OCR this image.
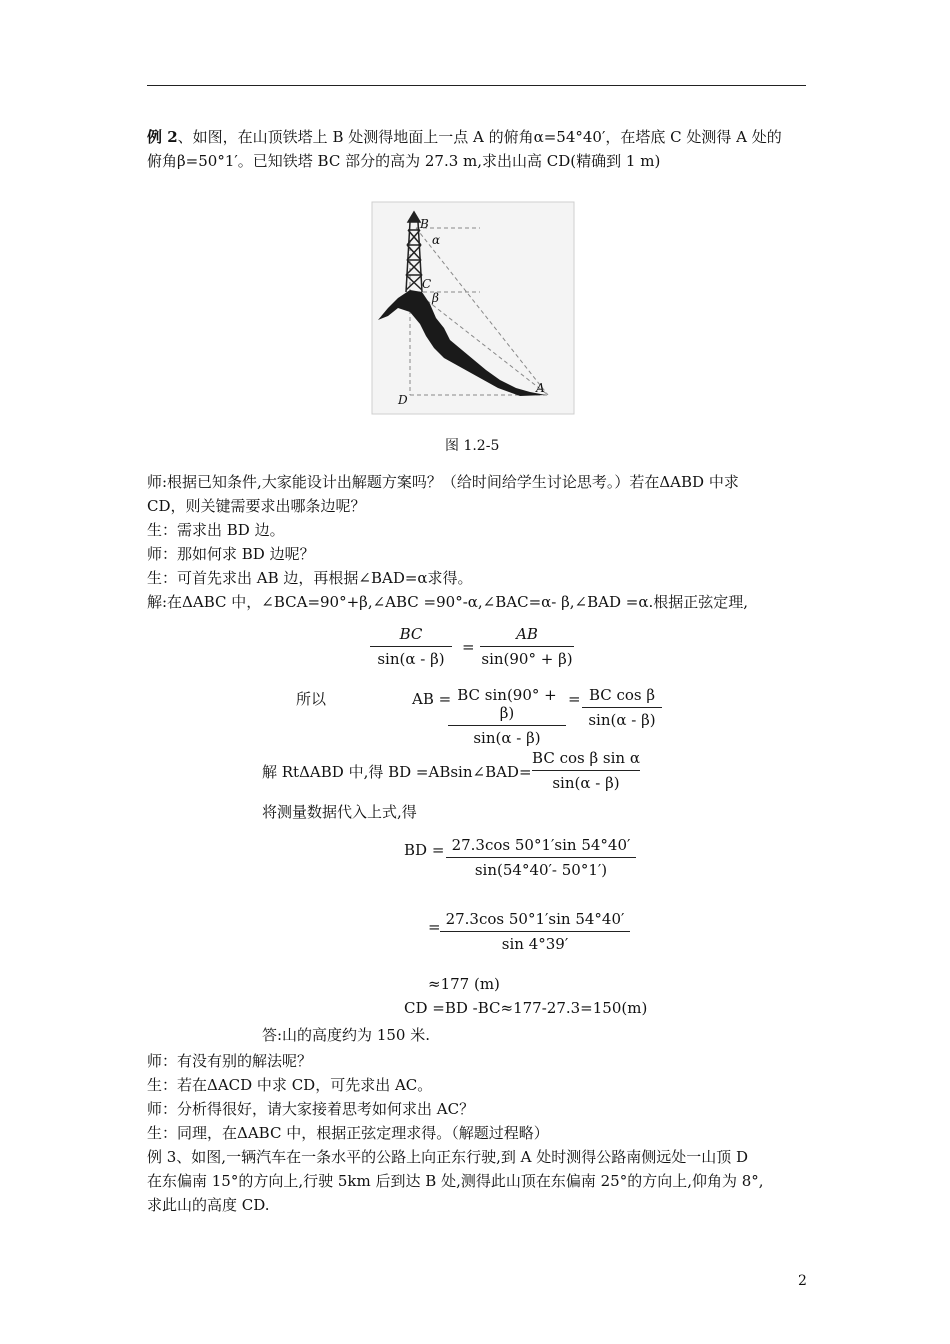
例 2、如图，在山顶铁塔上 B 处测得地面上一点 A 的俯角α=54°40′，在塔底 C 处测得 A 处的
俯角β=50°1′。已知铁塔 BC 部分的高为 27.3 m,求出山高 CD(精确到 1 m)
B
α
C
β
D
A
图 1.2-5
师:根据已知条件,大家能设计出解题方案吗？（给时间给学生讨论思考。）若在ΔABD 中求
CD，则关键需要求出哪条边呢？
生：需求出 BD 边。
师：那如何求 BD 边呢？
生：可首先求出 AB 边，再根据∠BAD=α求得。
解:在ΔABC 中，∠BCA=90°+β,∠ABC =90°-α,∠BAC=α- β,∠BAD =α.根据正弦定理,
BC
sin(α - β)
=
AB
sin(90° + β)
所以	AB = BC sin(90° + β)
sin(α - β)
= BC cos β
sin(α - β)
解 RtΔABD 中,得 BD =ABsin∠BAD=
BC cos β sin α
sin(α - β)
将测量数据代入上式,得
BD = 27.3cos 50°1′sin 54°40′
sin(54°40′- 50°1′)
= 27.3cos 50°1′sin 54°40′
sin 4°39′
≈177 (m)
CD =BD -BC≈177-27.3=150(m)
答:山的高度约为 150 米.
师：有没有别的解法呢？
生：若在ΔACD 中求 CD，可先求出 AC。
师：分析得很好，请大家接着思考如何求出 AC？
生：同理，在ΔABC 中，根据正弦定理求得。（解题过程略）
例 3、如图,一辆汽车在一条水平的公路上向正东行驶,到 A 处时测得公路南侧远处一山顶 D
在东偏南 15°的方向上,行驶 5km 后到达 B 处,测得此山顶在东偏南 25°的方向上,仰角为 8°,
求此山的高度 CD.
2
